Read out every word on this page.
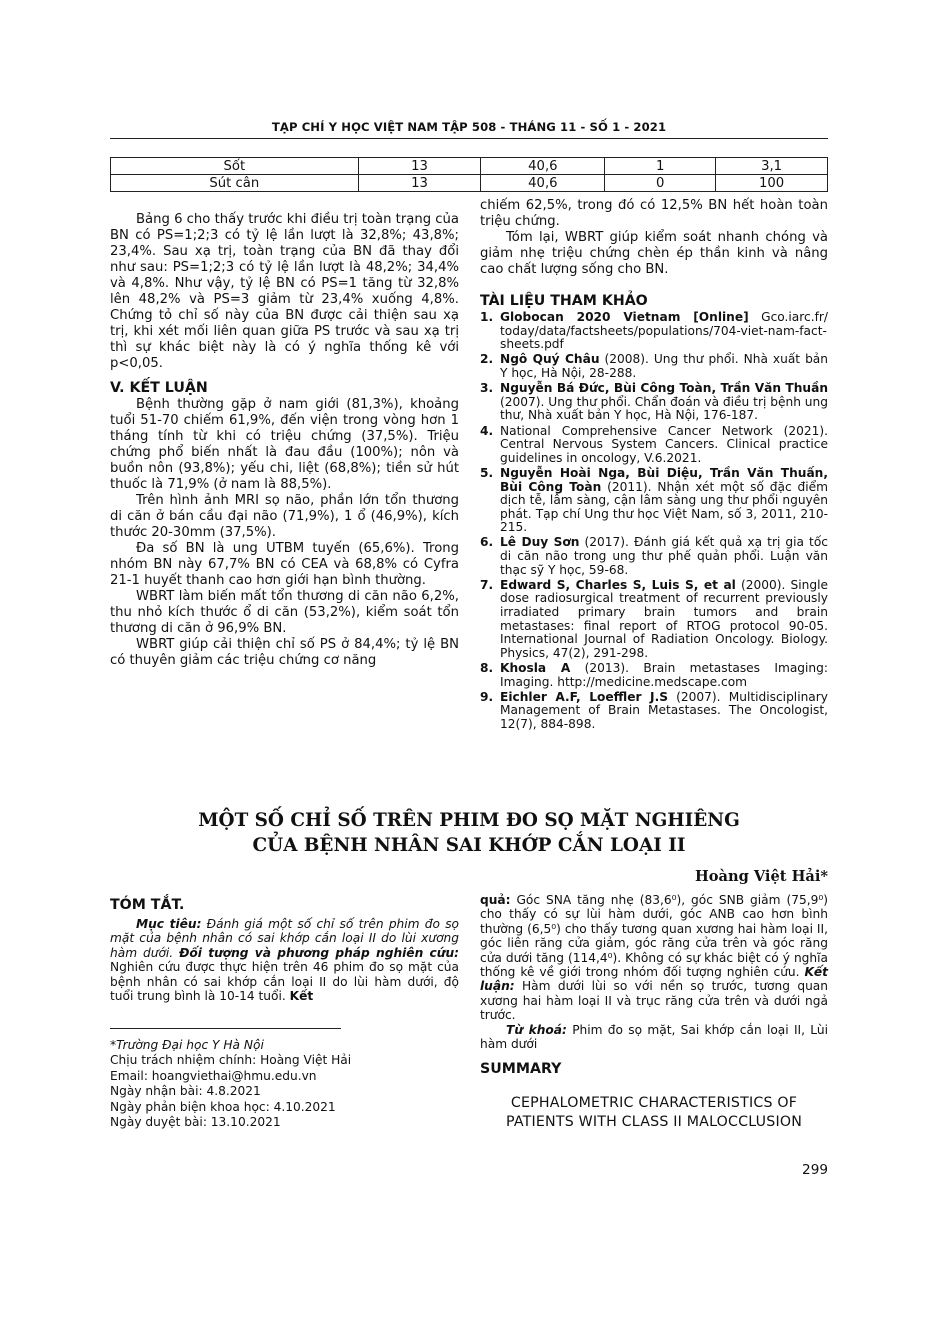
TẠP CHÍ Y HỌC VIỆT NAM TẬP 508 - THÁNG 11 - SỐ 1 - 2021
Sốt	13	40,6	1	3,1
Sút cân	13	40,6	0	100

Bảng 6 cho thấy trước khi điều trị toàn trạng của BN có PS=1;2;3 có tỷ lệ lần lượt là 32,8%; 43,8%; 23,4%. Sau xạ trị, toàn trạng của BN đã thay đổi như sau: PS=1;2;3 có tỷ lệ lần lượt là 48,2%; 34,4% và 4,8%. Như vậy, tỷ lệ BN có PS=1 tăng từ 32,8% lên 48,2% và PS=3 giảm từ 23,4% xuống 4,8%. Chứng tỏ chỉ số này của BN được cải thiện sau xạ trị, khi xét mối liên quan giữa PS trước và sau xạ trị thì sự khác biệt này là có ý nghĩa thống kê với p<0,05.

V. KẾT LUẬN

Bệnh thường gặp ở nam giới (81,3%), khoảng tuổi 51-70 chiếm 61,9%, đến viện trong vòng hơn 1 tháng tính từ khi có triệu chứng (37,5%). Triệu chứng phổ biến nhất là đau đầu (100%); nôn và buồn nôn (93,8%); yếu chi, liệt (68,8%); tiền sử hút thuốc là 71,9% (ở nam là 88,5%).

Trên hình ảnh MRI sọ não, phần lớn tổn thương di căn ở bán cầu đại não (71,9%), 1 ổ (46,9%), kích thước 20-30mm (37,5%).

Đa số BN là ung UTBM tuyến (65,6%). Trong nhóm BN này 67,7% BN có CEA và 68,8% có Cyfra 21-1 huyết thanh cao hơn giới hạn bình thường.

WBRT làm biến mất tổn thương di căn não 6,2%, thu nhỏ kích thước ổ di căn (53,2%), kiểm soát tổn thương di căn ở 96,9% BN.

WBRT giúp cải thiện chỉ số PS ở 84,4%; tỷ lệ BN có thuyên giảm các triệu chứng cơ năng

chiếm 62,5%, trong đó có 12,5% BN hết hoàn toàn triệu chứng.

Tóm lại, WBRT giúp kiểm soát nhanh chóng và giảm nhẹ triệu chứng chèn ép thần kinh và nâng cao chất lượng sống cho BN.

TÀI LIỆU THAM KHẢO
1. Globocan 2020 Vietnam [Online] Gco.iarc.fr/ today/data/factsheets/populations/704-viet-nam-fact-sheets.pdf
2. Ngô Quý Châu (2008). Ung thư phổi. Nhà xuất bản Y học, Hà Nội, 28-288.
3. Nguyễn Bá Đức, Bùi Công Toàn, Trần Văn Thuần (2007). Ung thư phổi. Chẩn đoán và điều trị bệnh ung thư, Nhà xuất bản Y học, Hà Nội, 176-187.
4. National Comprehensive Cancer Network (2021). Central Nervous System Cancers. Clinical practice guidelines in oncology, V.6.2021.
5. Nguyễn Hoài Nga, Bùi Diệu, Trần Văn Thuấn, Bùi Công Toàn (2011). Nhận xét một số đặc điểm dịch tễ, lâm sàng, cận lâm sàng ung thư phổi nguyên phát. Tạp chí Ung thư học Việt Nam, số 3, 2011, 210-215.
6. Lê Duy Sơn (2017). Đánh giá kết quả xạ trị gia tốc di căn não trong ung thư phế quản phổi. Luận văn thạc sỹ Y học, 59-68.
7. Edward S, Charles S, Luis S, et al (2000). Single dose radiosurgical treatment of recurrent previously irradiated primary brain tumors and brain metastases: final report of RTOG protocol 90-05. International Journal of Radiation Oncology. Biology. Physics, 47(2), 291-298.
8. Khosla A (2013). Brain metastases Imaging: Imaging. http://medicine.medscape.com
9. Eichler A.F, Loeffler J.S (2007). Multidisciplinary Management of Brain Metastases. The Oncologist, 12(7), 884-898.
MỘT SỐ CHỈ SỐ TRÊN PHIM ĐO SỌ MẶT NGHIÊNG
CỦA BỆNH NHÂN SAI KHỚP CẮN LOẠI II
Hoàng Việt Hải*
TÓM TẮT.

Mục tiêu: Đánh giá một số chỉ số trên phim đo sọ mặt của bệnh nhân có sai khớp cắn loại II do lùi xương hàm dưới. Đối tượng và phương pháp nghiên cứu: Nghiên cứu được thực hiện trên 46 phim đo sọ mặt của bệnh nhân có sai khớp cắn loại II do lùi hàm dưới, độ tuổi trung bình là 10-14 tuổi. Kết

quả: Góc SNA tăng nhẹ (83,6⁰), góc SNB giảm (75,9⁰) cho thấy có sự lùi hàm dưới, góc ANB cao hơn bình thường (6,5⁰) cho thấy tương quan xương hai hàm loại II, góc liên răng cửa giảm, góc răng cửa trên và góc răng cửa dưới tăng (114,4⁰). Không có sự khác biệt có ý nghĩa thống kê về giới trong nhóm đối tượng nghiên cứu. Kết luận: Hàm dưới lùi so với nền sọ trước, tương quan xương hai hàm loại II và trục răng cửa trên và dưới ngả trước.

Từ khoá: Phim đo sọ mặt, Sai khớp cắn loại II, Lùi hàm dưới

SUMMARY
CEPHALOMETRIC CHARACTERISTICS OF
PATIENTS WITH CLASS II MALOCCLUSION
*Trường Đại học Y Hà Nội
Chịu trách nhiệm chính: Hoàng Việt Hải
Email: hoangviethai@hmu.edu.vn
Ngày nhận bài: 4.8.2021
Ngày phản biện khoa học: 4.10.2021
Ngày duyệt bài: 13.10.2021
299
